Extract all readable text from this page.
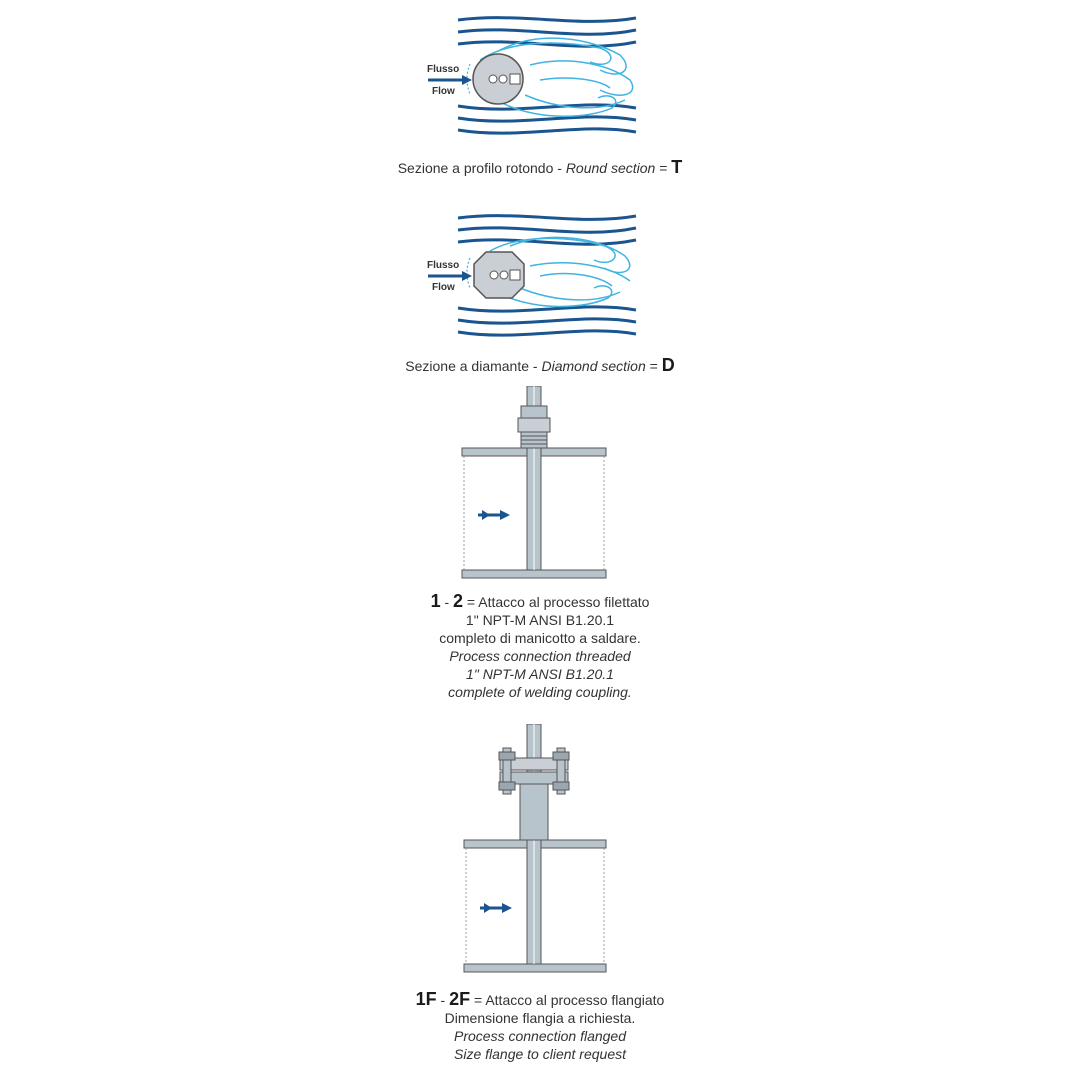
Flusso
Flow
Sezione a profilo rotondo - Round section = T
Flusso
Flow
Sezione a diamante - Diamond section = D
1 - 2 = Attacco al processo filettato
1" NPT-M ANSI B1.20.1
completo di manicotto a saldare.
Process connection threaded
1" NPT-M ANSI B1.20.1
complete of welding coupling.
1F - 2F = Attacco al processo flangiato
Dimensione flangia a richiesta.
Process connection flanged
Size flange to client request
